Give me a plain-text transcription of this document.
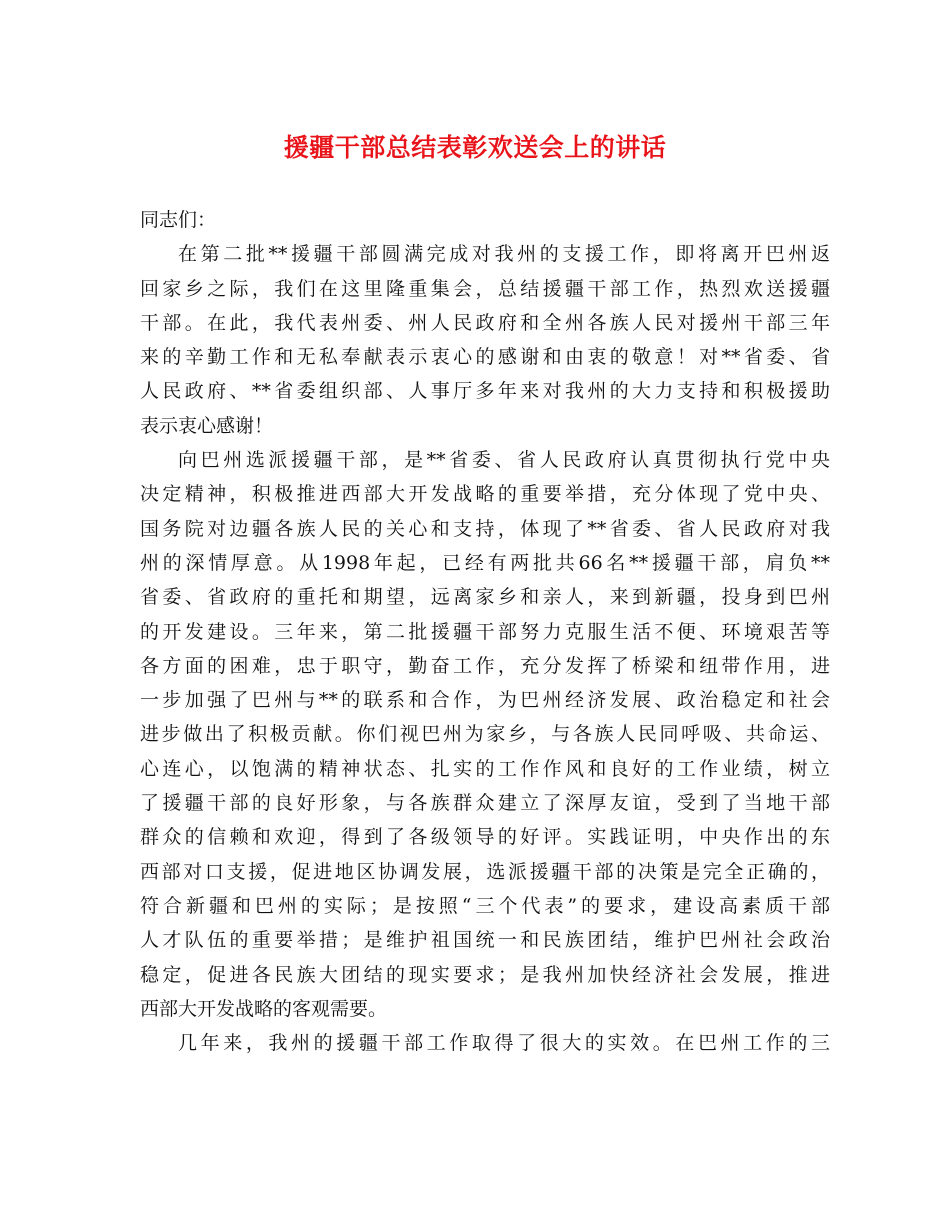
援疆干部总结表彰欢送会上的讲话

同志们：

在第二批**援疆干部圆满完成对我州的支援工作，即将离开巴州返
回家乡之际，我们在这里隆重集会，总结援疆干部工作，热烈欢送援疆
干部。在此，我代表州委、州人民政府和全州各族人民对援州干部三年
来的辛勤工作和无私奉献表示衷心的感谢和由衷的敬意！对**省委、省
人民政府、**省委组织部、人事厅多年来对我州的大力支持和积极援助
表示衷心感谢！

向巴州选派援疆干部，是**省委、省人民政府认真贯彻执行党中央
决定精神，积极推进西部大开发战略的重要举措，充分体现了党中央、
国务院对边疆各族人民的关心和支持，体现了**省委、省人民政府对我
州的深情厚意。从1998年起，已经有两批共66名**援疆干部，肩负**
省委、省政府的重托和期望，远离家乡和亲人，来到新疆，投身到巴州
的开发建设。三年来，第二批援疆干部努力克服生活不便、环境艰苦等
各方面的困难，忠于职守，勤奋工作，充分发挥了桥梁和纽带作用，进
一步加强了巴州与**的联系和合作，为巴州经济发展、政治稳定和社会
进步做出了积极贡献。你们视巴州为家乡，与各族人民同呼吸、共命运、
心连心，以饱满的精神状态、扎实的工作作风和良好的工作业绩，树立
了援疆干部的良好形象，与各族群众建立了深厚友谊，受到了当地干部
群众的信赖和欢迎，得到了各级领导的好评。实践证明，中央作出的东
西部对口支援，促进地区协调发展，选派援疆干部的决策是完全正确的，
符合新疆和巴州的实际；是按照“三个代表”的要求，建设高素质干部
人才队伍的重要举措；是维护祖国统一和民族团结，维护巴州社会政治
稳定，促进各民族大团结的现实要求；是我州加快经济社会发展，推进
西部大开发战略的客观需要。

几年来，我州的援疆干部工作取得了很大的实效。在巴州工作的三
